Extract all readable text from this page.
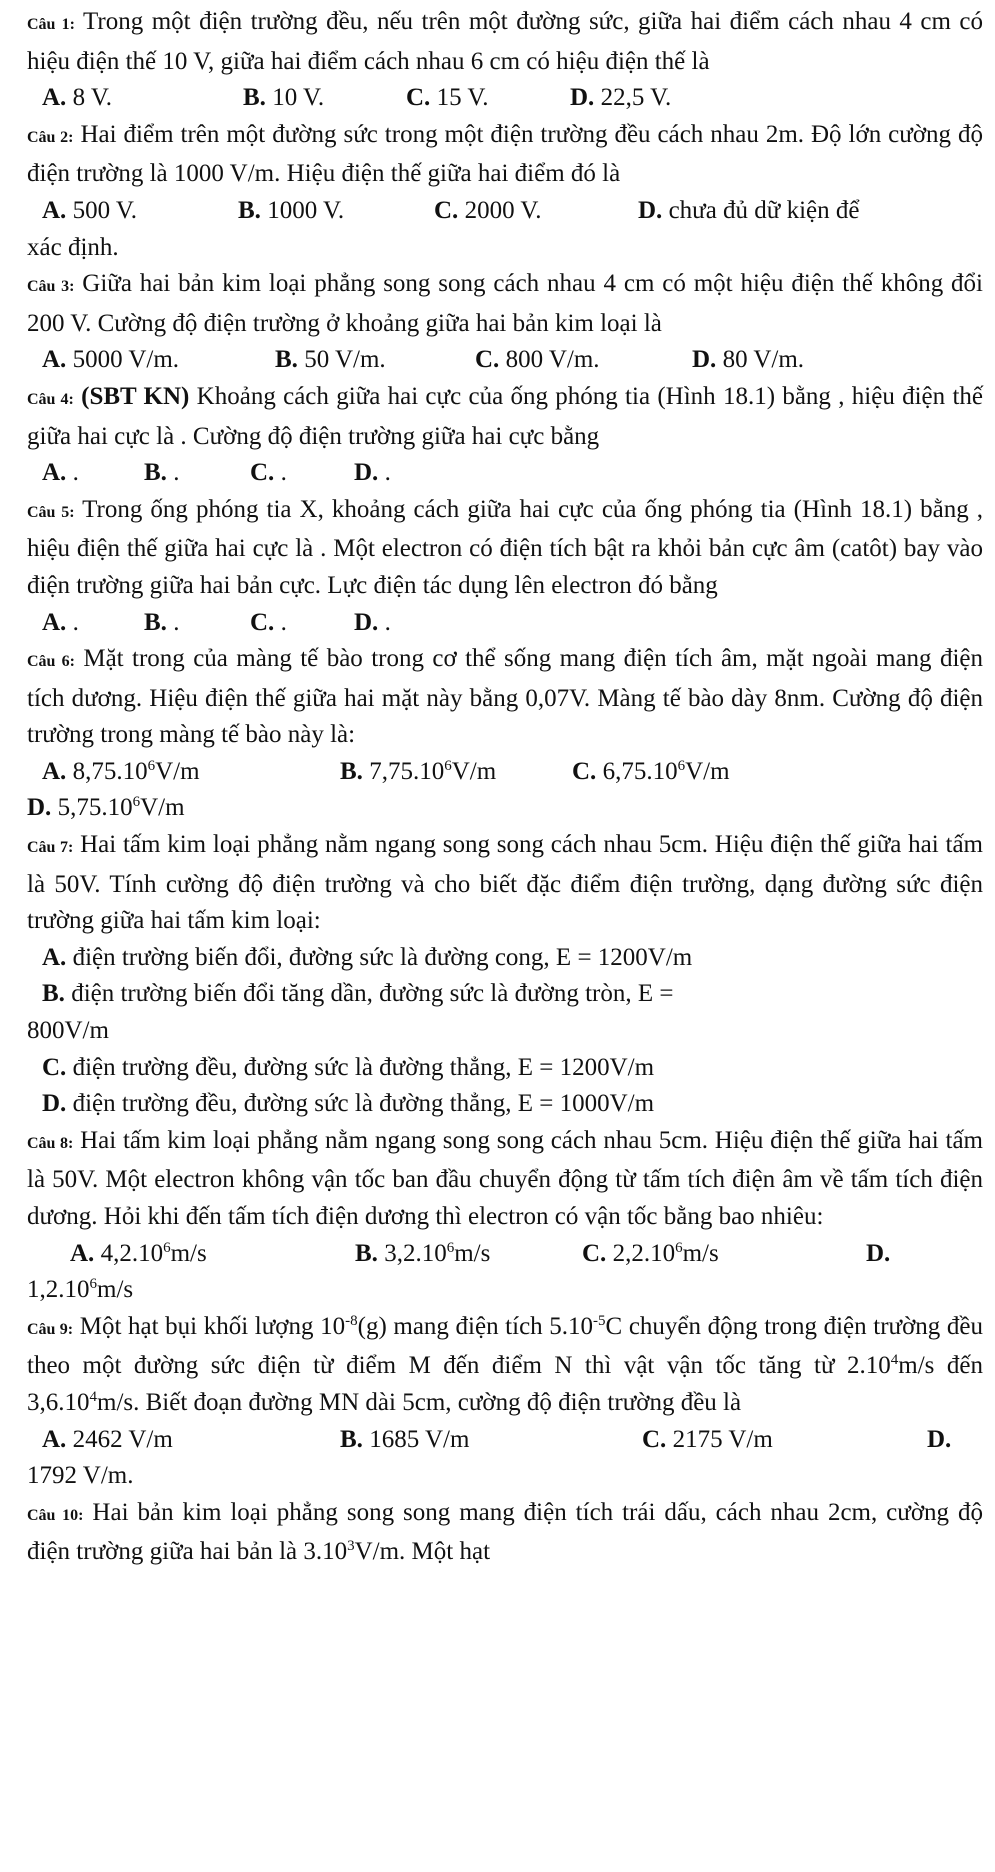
Câu 1: Trong một điện trường đều, nếu trên một đường sức, giữa hai điểm cách nhau 4 cm có hiệu điện thế 10 V, giữa hai điểm cách nhau 6 cm có hiệu điện thế là

A. 8 V.	B. 10 V.	C. 15 V.	D. 22,5 V.

Câu 2: Hai điểm trên một đường sức trong một điện trường đều cách nhau 2m. Độ lớn cường độ điện trường là 1000 V/m. Hiệu điện thế giữa hai điểm đó là

A. 500 V.	B. 1000 V.	C. 2000 V.	D. chưa đủ dữ kiện để

xác định.

Câu 3: Giữa hai bản kim loại phẳng song song cách nhau 4 cm có một hiệu điện thế không đổi 200 V. Cường độ điện trường ở khoảng giữa hai bản kim loại là

A. 5000 V/m.	B. 50 V/m.	C. 800 V/m.	D. 80 V/m.

Câu 4: (SBT KN) Khoảng cách giữa hai cực của ống phóng tia (Hình 18.1) bằng , hiệu điện thế giữa hai cực là . Cường độ điện trường giữa hai cực bằng

A. .	B. .	C. .	D. .

Câu 5: Trong ống phóng tia X, khoảng cách giữa hai cực của ống phóng tia (Hình 18.1) bằng , hiệu điện thế giữa hai cực là . Một electron có điện tích bật ra khỏi bản cực âm (catôt) bay vào điện trường giữa hai bản cực. Lực điện tác dụng lên electron đó bằng

A. .	B. .	C. .	D. .

Câu 6: Mặt trong của màng tế bào trong cơ thể sống mang điện tích âm, mặt ngoài mang điện tích dương. Hiệu điện thế giữa hai mặt này bằng 0,07V. Màng tế bào dày 8nm. Cường độ điện trường trong màng tế bào này là:

A. 8,75.10$^6$V/m	B. 7,75.10$^6$V/m	C. 6,75.10$^6$V/m

D. 5,75.10$^6$V/m

Câu 7: Hai tấm kim loại phẳng nằm ngang song song cách nhau 5cm. Hiệu điện thế giữa hai tấm là 50V. Tính cường độ điện trường và cho biết đặc điểm điện trường, dạng đường sức điện trường giữa hai tấm kim loại:

A. điện trường biến đổi, đường sức là đường cong, E = 1200V/m

B. điện trường biến đổi tăng dần, đường sức là đường tròn, E =

800V/m

C. điện trường đều, đường sức là đường thẳng, E = 1200V/m

D. điện trường đều, đường sức là đường thẳng, E = 1000V/m

Câu 8: Hai tấm kim loại phẳng nằm ngang song song cách nhau 5cm. Hiệu điện thế giữa hai tấm là 50V. Một electron không vận tốc ban đầu chuyển động từ tấm tích điện âm về tấm tích điện dương. Hỏi khi đến tấm tích điện dương thì electron có vận tốc bằng bao nhiêu:

A. 4,2.10$^6$m/s	B. 3,2.10$^6$m/s	C. 2,2.10$^6$m/s	D.

1,2.10$^6$m/s

Câu 9: Một hạt bụi khối lượng $10^{-8}(g)$ mang điện tích $5.10^{-5}C$ chuyển động trong điện trường đều theo một đường sức điện từ điểm M đến điểm N thì vật vận tốc tăng từ 2.10$^4$m/s đến 3,6.10$^4$m/s. Biết đoạn đường MN dài 5cm, cường độ điện trường đều là

A. 2462 V/m	B. 1685 V/m	C. 2175 V/m	D.

1792 V/m.

Câu 10: Hai bản kim loại phẳng song song mang điện tích trái dấu, cách nhau 2cm, cường độ điện trường giữa hai bản là 3.10$^3$V/m. Một hạt
